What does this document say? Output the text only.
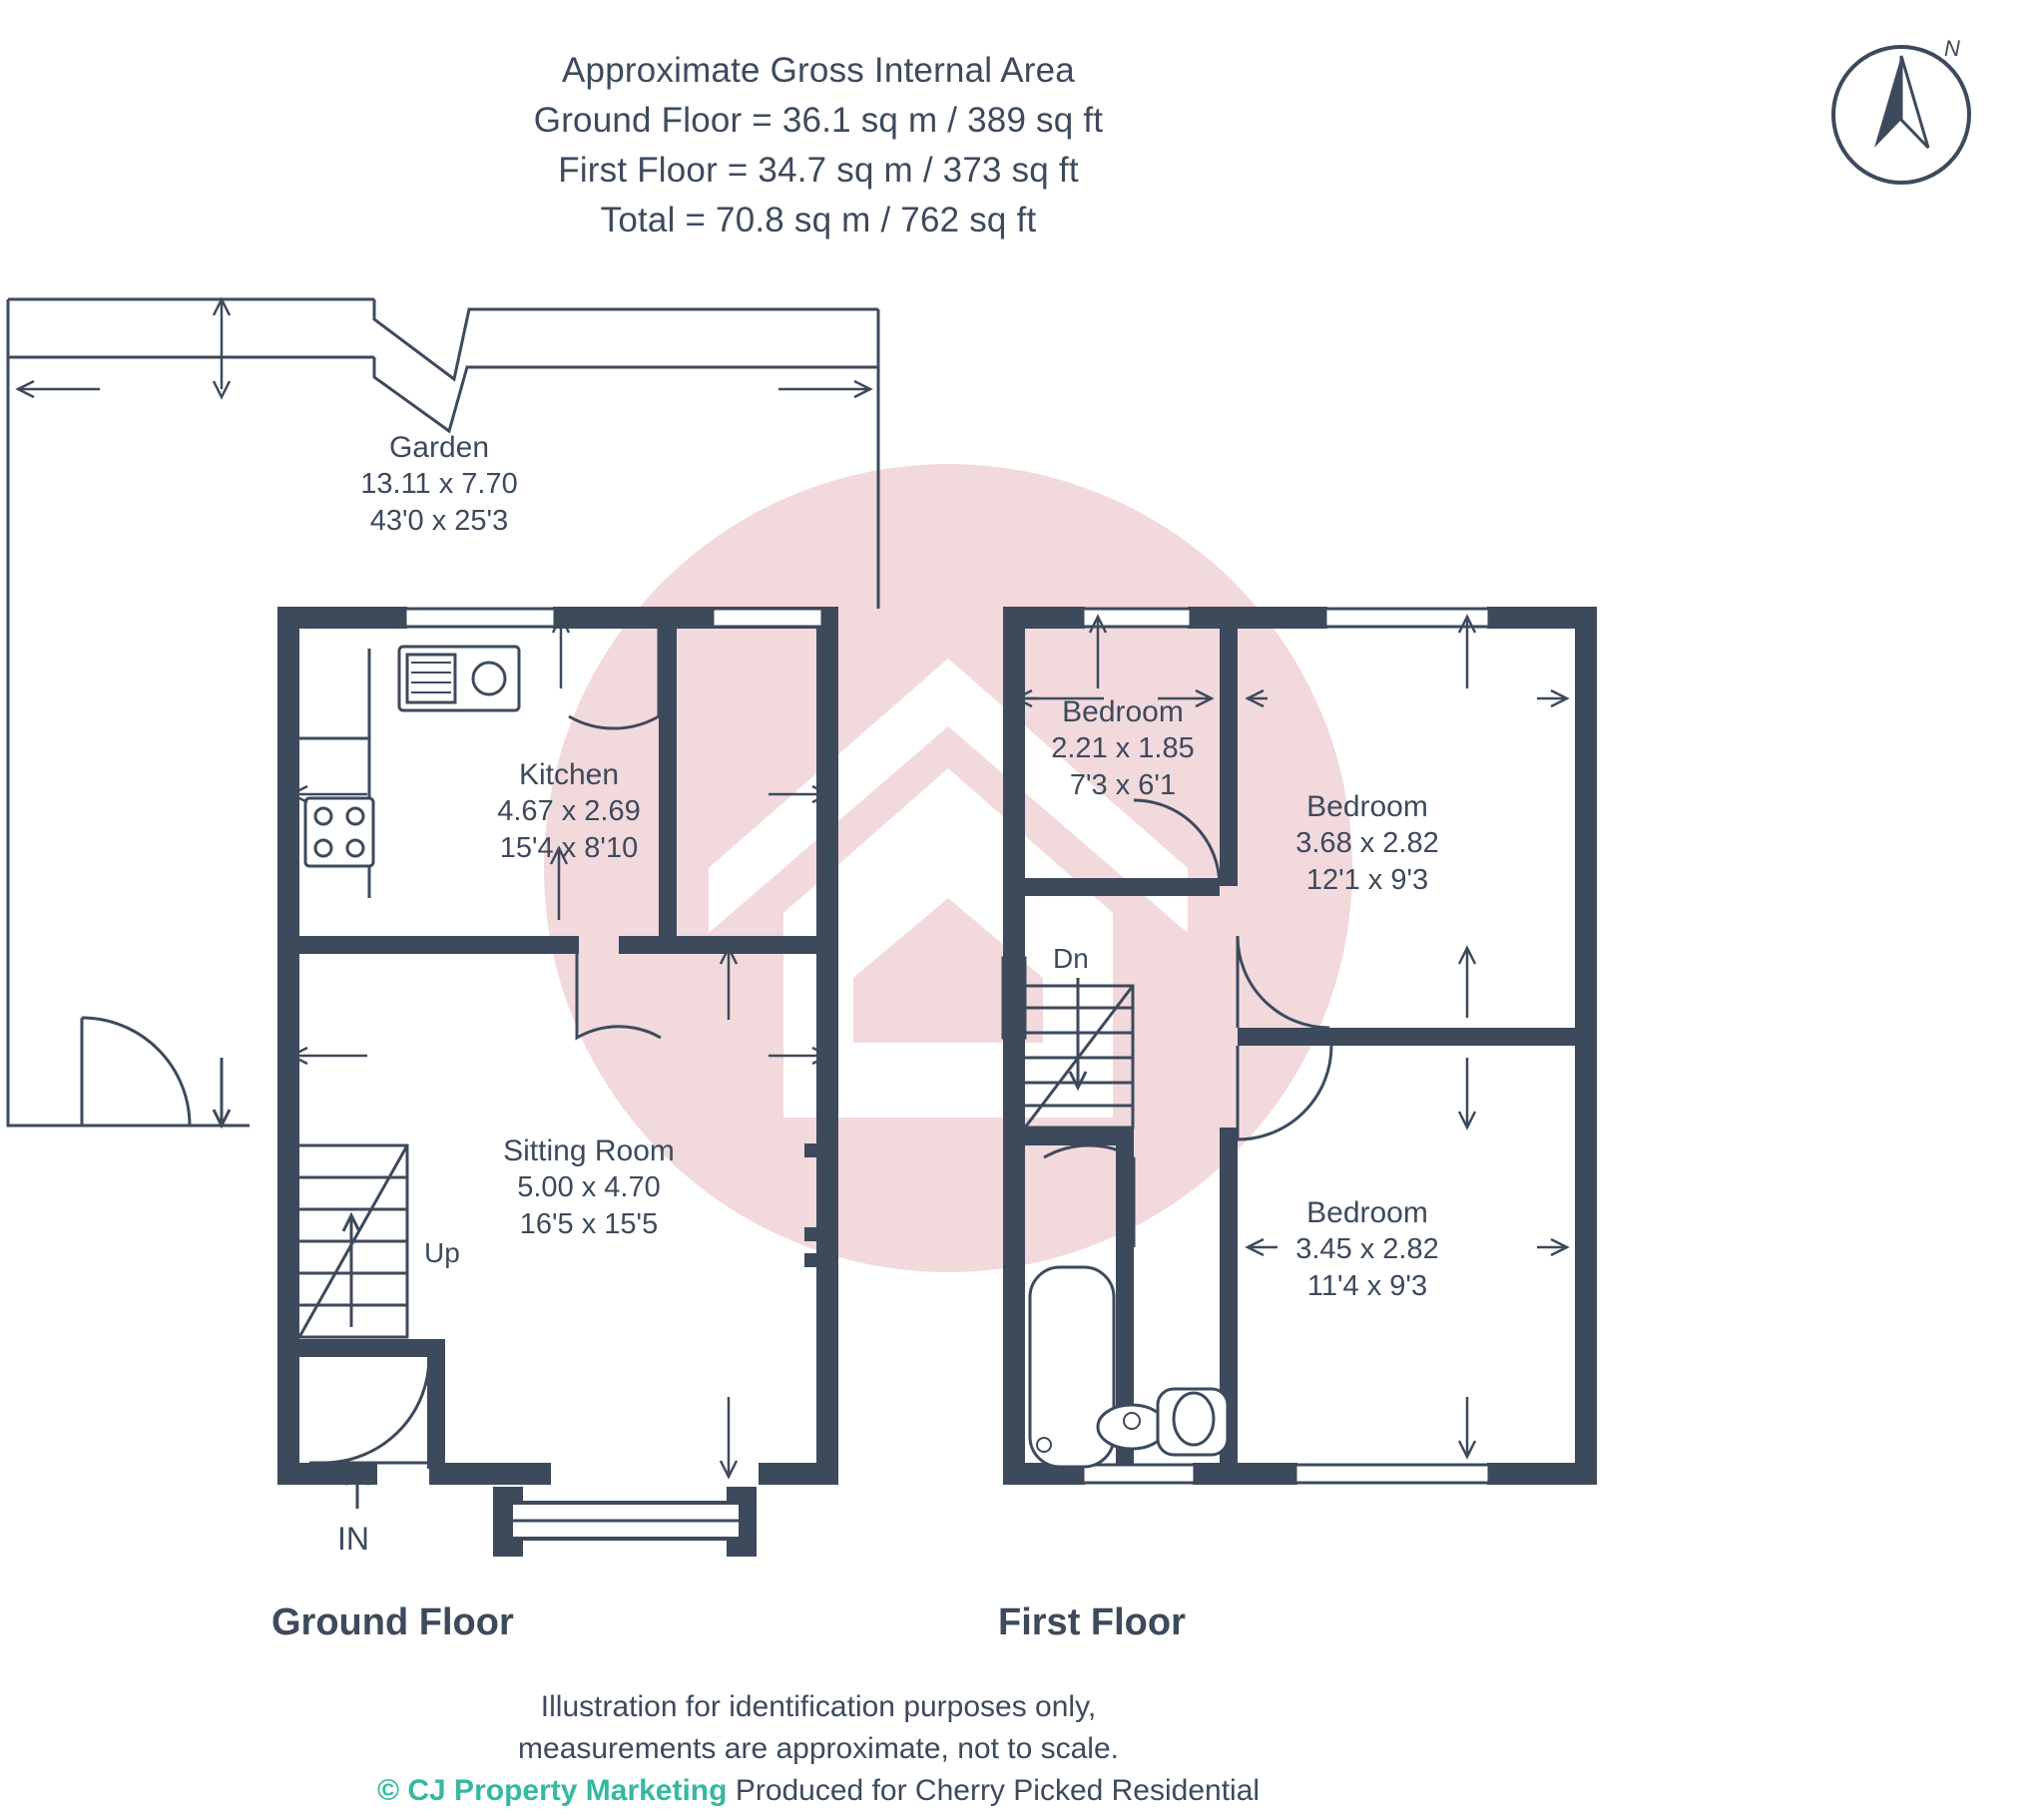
Approximate Gross Internal Area
Ground Floor = 36.1 sq m / 389 sq ft
First Floor = 34.7 sq m / 373 sq ft
Total = 70.8 sq m / 762 sq ft
N
Garden
13.11 x 7.70
43'0 x 25'3
Kitchen
4.67 x 2.69
15'4 x 8'10
Sitting Room
5.00 x 4.70
16'5 x 15'5
Up
IN
Bedroom
2.21 x 1.85
7'3 x 6'1
Bedroom
3.68 x 2.82
12'1 x 9'3
Bedroom
3.45 x 2.82
11'4 x 9'3
Dn
Ground Floor	First Floor
Illustration for identification purposes only,
measurements are approximate, not to scale.
© CJ Property Marketing Produced for Cherry Picked Residential
